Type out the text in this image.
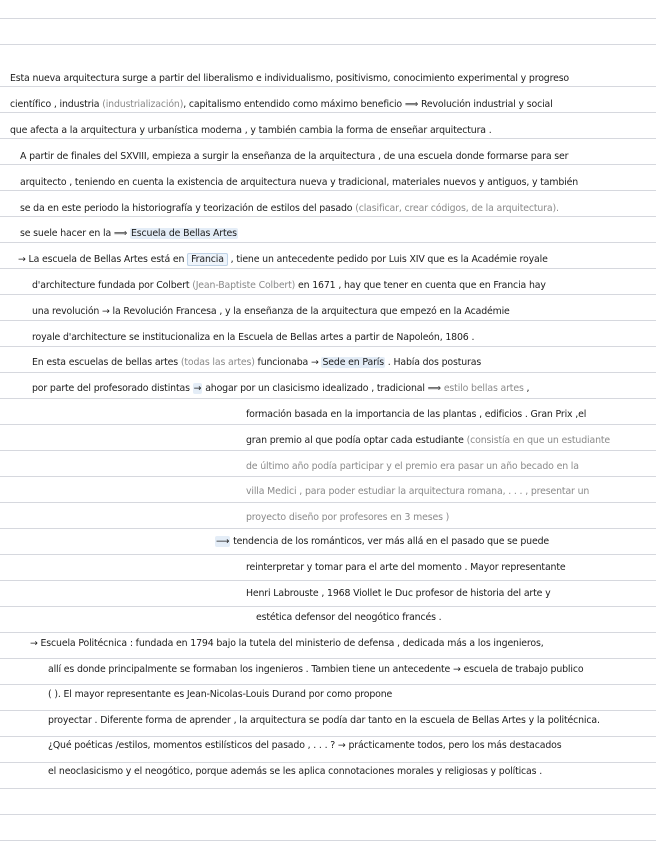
Esta nueva arquitectura surge a partir del liberalismo e individualismo, positivismo, conocimiento experimental y progreso
científico , industria (industrialización), capitalismo entendido como máximo beneficio ⟹ Revolución industrial y social
que afecta a la arquitectura y urbanística moderna , y también cambia la forma de enseñar arquitectura .
A partir de finales del SXVIII, empieza a surgir la enseñanza de la arquitectura , de una escuela donde formarse para ser
arquitecto , teniendo en cuenta la existencia de arquitectura nueva y tradicional, materiales nuevos y antiguos, y también
se da en este periodo la historiografía y teorización de estilos del pasado (clasificar, crear códigos, de la arquitectura).
se suele hacer en la ⟹ Escuela de Bellas Artes
→ La escuela de Bellas Artes está en Francia , tiene un antecedente pedido por Luis XIV que es la Académie royale
d'architecture fundada por Colbert (Jean-Baptiste Colbert) en 1671 , hay que tener en cuenta que en Francia hay
una revolución → la Revolución Francesa , y la enseñanza de la arquitectura que empezó en la Académie
royale d'architecture se institucionaliza en la Escuela de Bellas artes a partir de Napoleón, 1806 .
En esta escuelas de bellas artes (todas las artes) funcionaba → Sede en París . Había dos posturas
por parte del profesorado distintas → ahogar por un clasicismo idealizado , tradicional ⟹ estilo bellas artes ,
formación basada en la importancia de las plantas , edificios . Gran Prix ,el
gran premio al que podía optar cada estudiante (consistía en que un estudiante
de último año podía participar y el premio era pasar un año becado en la
villa Medici , para poder estudiar la arquitectura romana, . . . , presentar un
proyecto diseño por profesores en 3 meses )
⟶ tendencia de los románticos, ver más allá en el pasado que se puede
reinterpretar y tomar para el arte del momento . Mayor representante
Henri Labrouste , 1968 Viollet le Duc profesor de historia del arte y
estética defensor del neogótico francés .
→ Escuela Politécnica : fundada en 1794 bajo la tutela del ministerio de defensa , dedicada más a los ingenieros,
allí es donde principalmente se formaban los ingenieros . Tambien tiene un antecedente → escuela de trabajo publico
( ). El mayor representante es Jean-Nicolas-Louis Durand por como propone
proyectar . Diferente forma de aprender , la arquitectura se podía dar tanto en la escuela de Bellas Artes y la politécnica.
¿Qué poéticas /estilos, momentos estilísticos del pasado , . . . ? → prácticamente todos, pero los más destacados
el neoclasicismo y el neogótico, porque además se les aplica connotaciones morales y religiosas y políticas .
